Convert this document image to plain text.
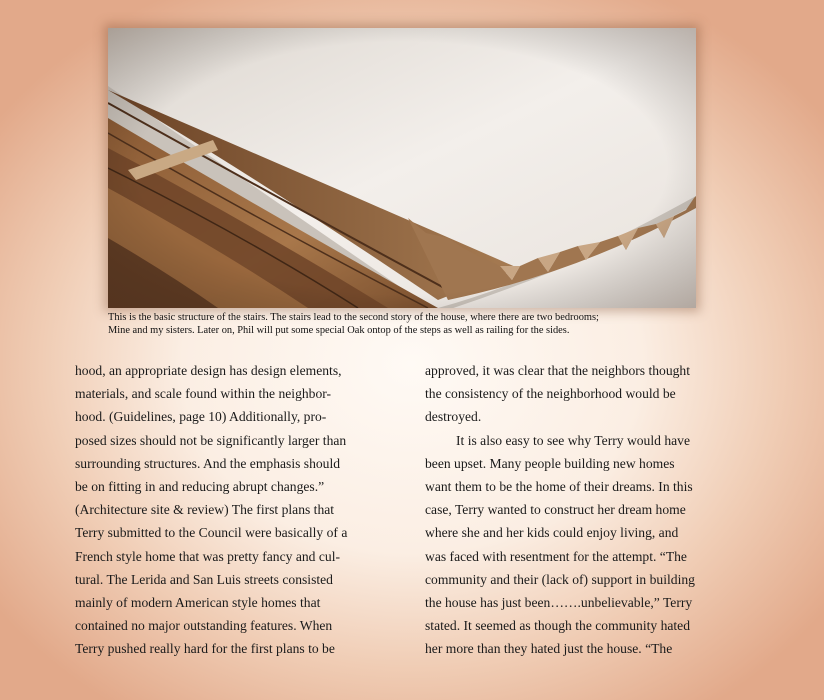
This is the basic structure of the stairs. The stairs lead to the second story of the house, where there are two bedrooms;
Mine and my sisters. Later on, Phil will put some special Oak ontop of the steps as well as railing for the sides.
hood, an appropriate design has design elements,
materials, and scale found within the neighbor-
hood. (Guidelines, page 10) Additionally, pro-
posed sizes should not be significantly larger than
surrounding structures. And the emphasis should
be on fitting in and reducing abrupt changes.”
(Architecture site & review) The first plans that
Terry submitted to the Council were basically of a
French style home that was pretty fancy and cul-
tural. The Lerida and San Luis streets consisted
mainly of modern American style homes that
contained no major outstanding features. When
Terry pushed really hard for the first plans to be
approved, it was clear that the neighbors thought
the consistency of the neighborhood would be
destroyed.
It is also easy to see why Terry would have
been upset. Many people building new homes
want them to be the home of their dreams. In this
case, Terry wanted to construct her dream home
where she and her kids could enjoy living, and
was faced with resentment for the attempt. “The
community and their (lack of) support in building
the house has just been…….unbelievable,” Terry
stated. It seemed as though the community hated
her more than they hated just the house. “The
